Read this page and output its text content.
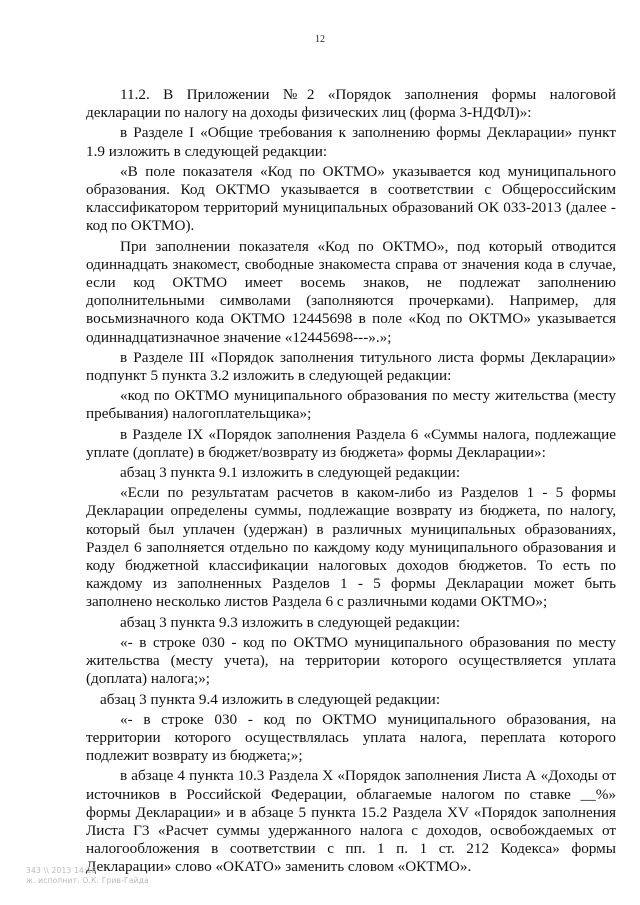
12

11.2. В Приложении №2 «Порядок заполнения формы налоговой декларации по налогу на доходы физических лиц (форма 3-НДФЛ)»:

в Разделе I «Общие требования к заполнению формы Декларации» пункт 1.9 изложить в следующей редакции:

«В поле показателя «Код по ОКТМО» указывается код муниципального образования. Код ОКТМО указывается в соответствии с Общероссийским классификатором территорий муниципальных образований ОК 033-2013 (далее - код по ОКТМО).

При заполнении показателя «Код по ОКТМО», под который отводится одиннадцать знакомест, свободные знакоместа справа от значения кода в случае, если код ОКТМО имеет восемь знаков, не подлежат заполнению дополнительными символами (заполняются прочерками). Например, для восьмизначного кода ОКТМО 12445698 в поле «Код по ОКТМО» указывается одиннадцатизначное значение «12445698---».»;

в Разделе III «Порядок заполнения титульного листа формы Декларации» подпункт 5 пункта 3.2 изложить в следующей редакции:

«код по ОКТМО муниципального образования по месту жительства (месту пребывания) налогоплательщика»;

в Разделе IX «Порядок заполнения Раздела 6 «Суммы налога, подлежащие уплате (доплате) в бюджет/возврату из бюджета» формы Декларации»:

абзац 3 пункта 9.1 изложить в следующей редакции:

«Если по результатам расчетов в каком-либо из Разделов 1 - 5 формы Декларации определены суммы, подлежащие возврату из бюджета, по налогу, который был уплачен (удержан) в различных муниципальных образованиях, Раздел 6 заполняется отдельно по каждому коду муниципального образования и коду бюджетной классификации налоговых доходов бюджетов. То есть по каждому из заполненных Разделов 1 - 5 формы Декларации может быть заполнено несколько листов Раздела 6 с различными кодами ОКТМО»;

абзац 3 пункта 9.3 изложить в следующей редакции:

«- в строке 030 - код по ОКТМО муниципального образования по месту жительства (месту учета), на территории которого осуществляется уплата (доплата) налога;»;

абзац 3 пункта 9.4 изложить в следующей редакции:

«- в строке 030 - код по ОКТМО муниципального образования, на территории которого осуществлялась уплата налога, переплата которого подлежит возврату из бюджета;»;

в абзаце 4 пункта 10.3 Раздела X «Порядок заполнения Листа А «Доходы от источников в Российской Федерации, облагаемые налогом по ставке __%» формы Декларации» и в абзаце 5 пункта 15.2 Раздела XV «Порядок заполнения Листа Г3 «Расчет суммы удержанного налога с доходов, освобождаемых от налогообложения в соответствии с пп. 1 п. 1 ст. 212 Кодекса» формы Декларации» слово «ОКАТО» заменить словом «ОКТМО».

343 \\ 2013 14:18
ж. исполнит. О.К. Грив-Гайда
